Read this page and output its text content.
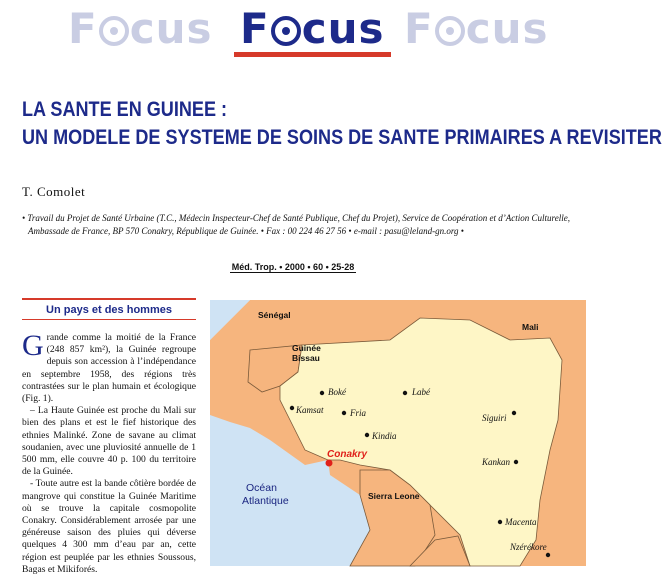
F cus F cus F cus
LA SANTE EN GUINEE :
UN MODELE DE SYSTEME DE SOINS DE SANTE PRIMAIRES A REVISITER
T. Comolet
• Travail du Projet de Santé Urbaine (T.C., Médecin Inspecteur-Chef de Santé Publique, Chef du Projet), Service de Coopération et d’Action Culturelle,
Ambassade de France, BP 570 Conakry, République de Guinée. • Fax : 00 224 46 27 56 • e-mail : pasu@leland-gn.org •
Méd. Trop. • 2000 • 60 • 25-28
Un pays et des hommes

Grande comme la moitié de la France (248 857 km²), la Guinée regroupe depuis son accession à l’indépendance en septembre 1958, des régions très contrastées sur le plan humain et écologique (Fig. 1).

– La Haute Guinée est proche du Mali sur bien des plans et est le fief historique des ethnies Malinké. Zone de savane au climat soudanien, avec une pluviosité annuelle de 1 500 mm, elle couvre 40 p. 100 du territoire de la Guinée.

- Toute autre est la bande côtière bordée de mangrove qui constitue la Guinée Maritime où se trouve la capitale cosmopolite Conakry. Considérablement arrosée par une généreuse saison des pluies qui déverse quelques 4 300 mm d’eau par an, cette région est peuplée par les ethnies Soussous, Bagas et Mikiforés.

Sénégal
Guinée
Bissau
Mali
Sierra Leone
Océan
Atlantique
Boké	Labé
Kamsat	Fria
Kindia
Conakry
Siguiri
Kankan
Macenta
Nzérékore
